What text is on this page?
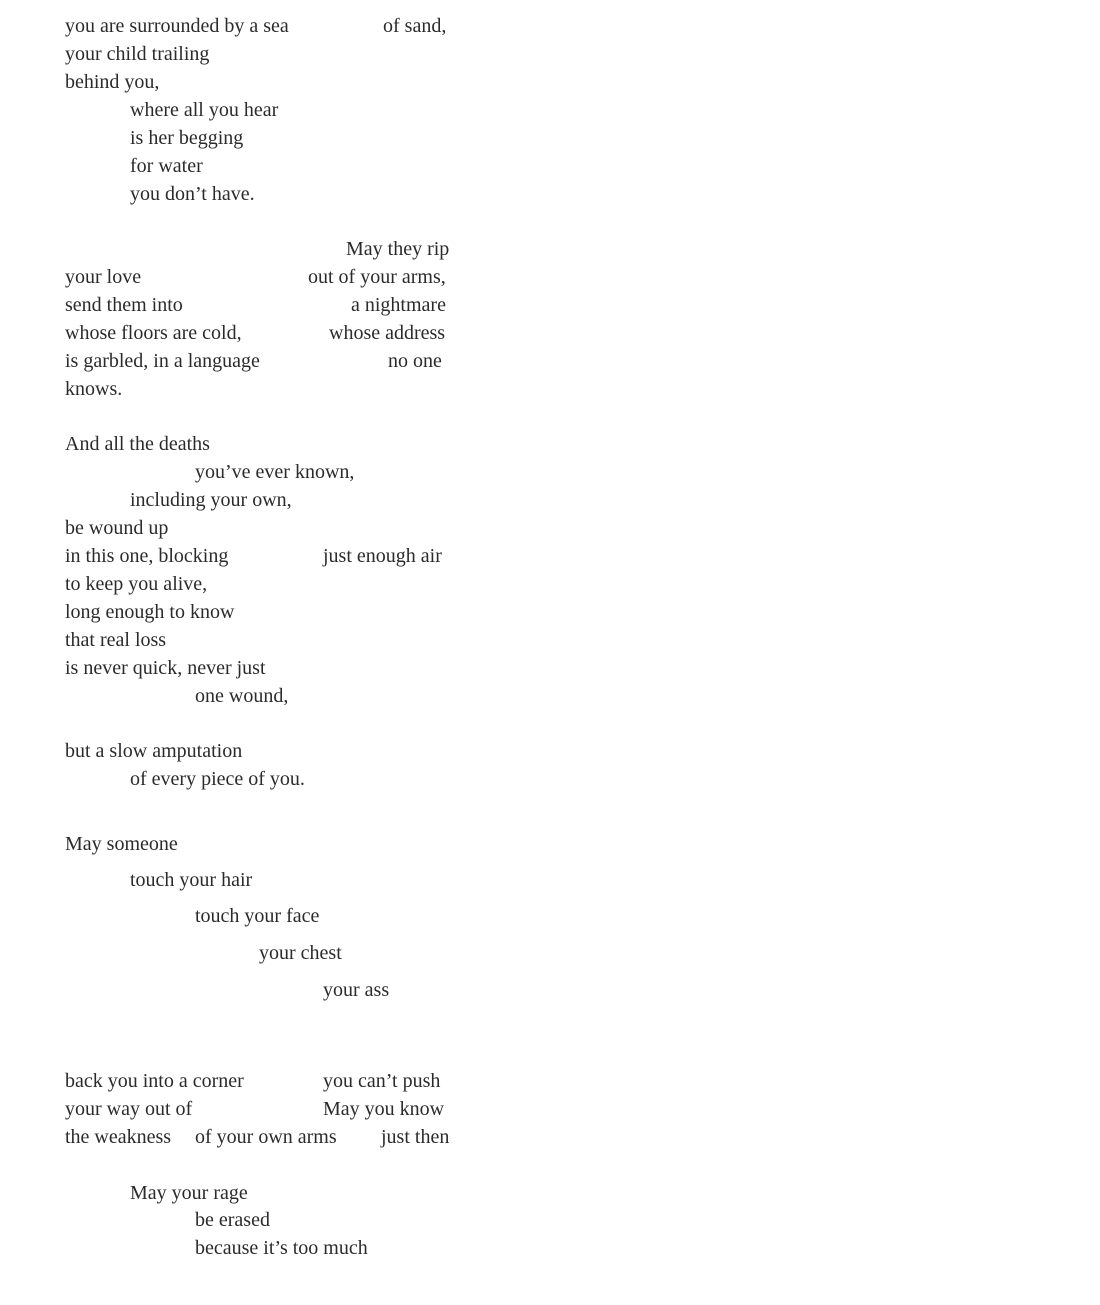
you are surrounded by a sea	of sand,
your child trailing
behind you,
where all you hear
is her begging
for water
you don’t have.
May they rip
your love	out of your arms,
send them into	a nightmare
whose floors are cold,	whose address
is garbled, in a language	no one
knows.
And all the deaths
you’ve ever known,
including your own,
be wound up
in this one, blocking	just enough air
to keep you alive,
long enough to know
that real loss
is never quick, never just
one wound,
but a slow amputation
of every piece of you.
May someone
touch your hair
touch your face
your chest
your ass
back you into a corner	you can’t push
your way out of	May you know
the weakness of your own arms just then
May your rage
be erased
because it’s too much
